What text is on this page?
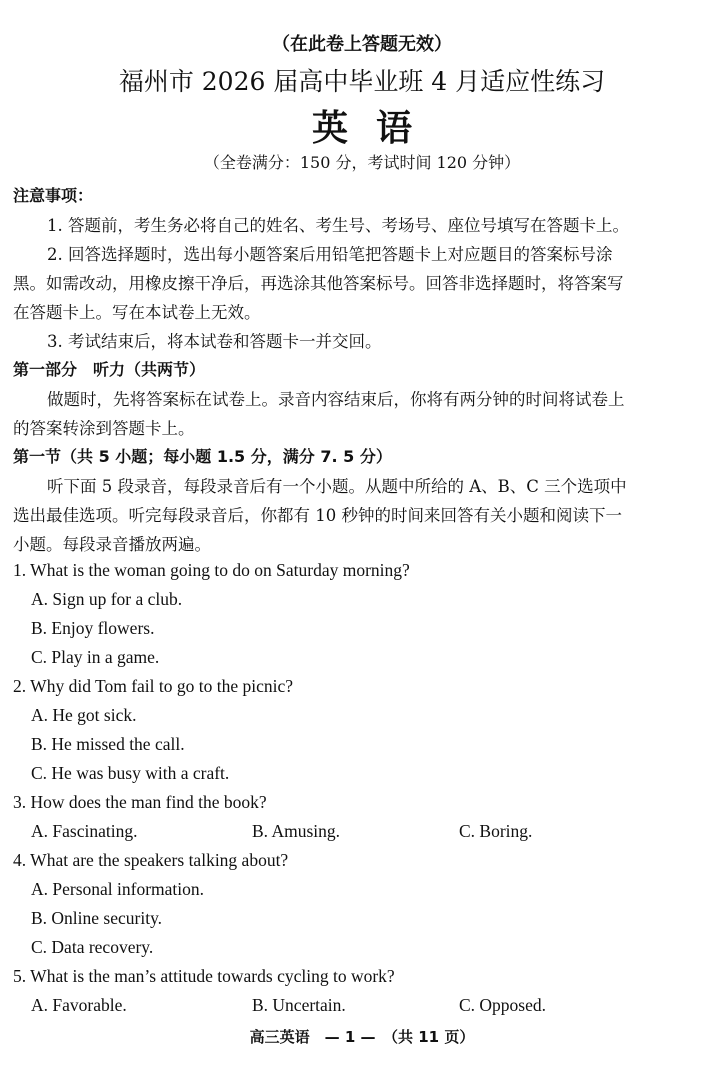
（在此卷上答题无效）
福州市 2026 届高中毕业班 4 月适应性练习
英语
（全卷满分：150 分，考试时间 120 分钟）
注意事项：
1. 答题前，考生务必将自己的姓名、考生号、考场号、座位号填写在答题卡上。
2. 回答选择题时，选出每小题答案后用铅笔把答题卡上对应题目的答案标号涂
黑。如需改动，用橡皮擦干净后，再选涂其他答案标号。回答非选择题时，将答案写
在答题卡上。写在本试卷上无效。
3. 考试结束后，将本试卷和答题卡一并交回。
第一部分　听力（共两节）
做题时，先将答案标在试卷上。录音内容结束后，你将有两分钟的时间将试卷上
的答案转涂到答题卡上。
第一节（共 5 小题；每小题 1.5 分，满分 7. 5 分）
听下面 5 段录音，每段录音后有一个小题。从题中所给的 A、B、C 三个选项中
选出最佳选项。听完每段录音后，你都有 10 秒钟的时间来回答有关小题和阅读下一
小题。每段录音播放两遍。
1. What is the woman going to do on Saturday morning?
A. Sign up for a club.
B. Enjoy flowers.
C. Play in a game.
2. Why did Tom fail to go to the picnic?
A. He got sick.
B. He missed the call.
C. He was busy with a craft.
3. How does the man find the book?
A. Fascinating.	B. Amusing.	C. Boring.
4. What are the speakers talking about?
A. Personal information.
B. Online security.
C. Data recovery.
5. What is the man’s attitude towards cycling to work?
A. Favorable.	B. Uncertain.	C. Opposed.
高三英语　— 1 —　（共 11 页）
